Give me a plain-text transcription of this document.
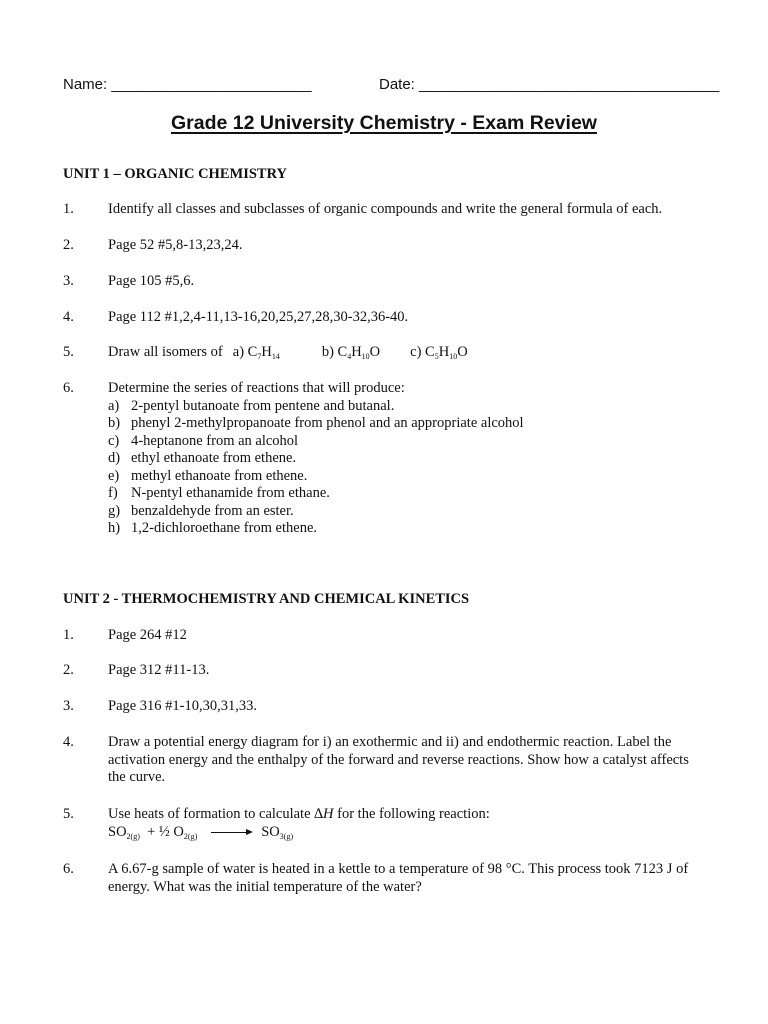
Name: ________________________	Date: ____________________________________
Grade 12 University Chemistry - Exam Review
UNIT 1 – ORGANIC CHEMISTRY
1. Identify all classes and subclasses of organic compounds and write the general formula of each.
2. Page 52 #5,8-13,23,24.
3. Page 105 #5,6.
4. Page 112 #1,2,4-11,13-16,20,25,27,28,30-32,36-40.
5. Draw all isomers of a) $C_7H_{14}$	b) $C_4H_{10}O$ c) $C_5H_{10}O$
6. Determine the series of reactions that will produce:
a) 2-pentyl butanoate from pentene and butanal.
b) phenyl 2-methylpropanoate from phenol and an appropriate alcohol
c) 4-heptanone from an alcohol
d) ethyl ethanoate from ethene.
e) methyl ethanoate from ethene.
f) N-pentyl ethanamide from ethane.
g) benzaldehyde from an ester.
h) 1,2-dichloroethane from ethene.
UNIT 2 - THERMOCHEMISTRY AND CHEMICAL KINETICS
1. Page 264 #12
2. Page 312 #11-13.
3. Page 316 #1-10,30,31,33.
4. Draw a potential energy diagram for i) an exothermic and ii) and endothermic reaction. Label the activation energy and the enthalpy of the forward and reverse reactions. Show how a catalyst affects the curve.
5. Use heats of formation to calculate ∆H for the following reaction:
$SO_{2(g)}$ + ½ $O_{2(g)} \to SO_{3(g)}$
6. A 6.67-g sample of water is heated in a kettle to a temperature of 98 °C. This process took 7123 J of energy. What was the initial temperature of the water?
